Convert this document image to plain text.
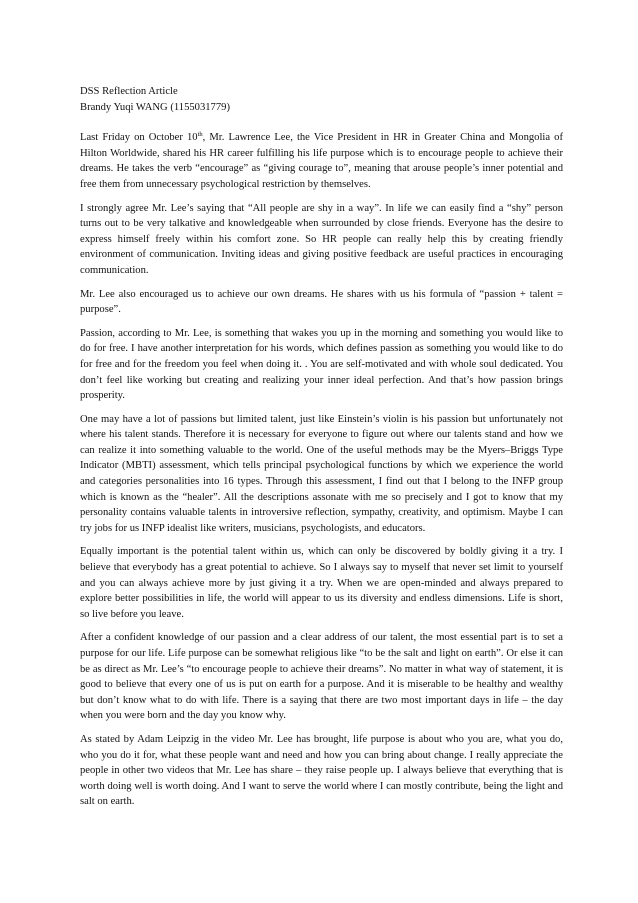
DSS Reflection Article

Brandy Yuqi WANG (1155031779)

Last Friday on October 10th, Mr. Lawrence Lee, the Vice President in HR in Greater China and Mongolia of Hilton Worldwide, shared his HR career fulfilling his life purpose which is to encourage people to achieve their dreams. He takes the verb “encourage” as “giving courage to”, meaning that arouse people’s inner potential and free them from unnecessary psychological restriction by themselves.

I strongly agree Mr. Lee’s saying that “All people are shy in a way”. In life we can easily find a “shy” person turns out to be very talkative and knowledgeable when surrounded by close friends. Everyone has the desire to express himself freely within his comfort zone. So HR people can really help this by creating friendly environment of communication. Inviting ideas and giving positive feedback are useful practices in encouraging communication.

Mr. Lee also encouraged us to achieve our own dreams. He shares with us his formula of “passion + talent = purpose”.

Passion, according to Mr. Lee, is something that wakes you up in the morning and something you would like to do for free. I have another interpretation for his words, which defines passion as something you would like to do for free and for the freedom you feel when doing it. . You are self-motivated and with whole soul dedicated. You don’t feel like working but creating and realizing your inner ideal perfection. And that’s how passion brings prosperity.

One may have a lot of passions but limited talent, just like Einstein’s violin is his passion but unfortunately not where his talent stands. Therefore it is necessary for everyone to figure out where our talents stand and how we can realize it into something valuable to the world. One of the useful methods may be the Myers–Briggs Type Indicator (MBTI) assessment, which tells principal psychological functions by which we experience the world and categories personalities into 16 types. Through this assessment, I find out that I belong to the INFP group which is known as the “healer”. All the descriptions assonate with me so precisely and I got to know that my personality contains valuable talents in introversive reflection, sympathy, creativity, and optimism. Maybe I can try jobs for us INFP idealist like writers, musicians, psychologists, and educators.

Equally important is the potential talent within us, which can only be discovered by boldly giving it a try. I believe that everybody has a great potential to achieve. So I always say to myself that never set limit to yourself and you can always achieve more by just giving it a try. When we are open-minded and always prepared to explore better possibilities in life, the world will appear to us its diversity and endless dimensions. Life is short, so live before you leave.

After a confident knowledge of our passion and a clear address of our talent, the most essential part is to set a purpose for our life. Life purpose can be somewhat religious like “to be the salt and light on earth”. Or else it can be as direct as Mr. Lee’s “to encourage people to achieve their dreams”. No matter in what way of statement, it is good to believe that every one of us is put on earth for a purpose. And it is miserable to be healthy and wealthy but don’t know what to do with life. There is a saying that there are two most important days in life – the day when you were born and the day you know why.

As stated by Adam Leipzig in the video Mr. Lee has brought, life purpose is about who you are, what you do, who you do it for, what these people want and need and how you can bring about change. I really appreciate the people in other two videos that Mr. Lee has share – they raise people up. I always believe that everything that is worth doing well is worth doing. And I want to serve the world where I can mostly contribute, being the light and salt on earth.
